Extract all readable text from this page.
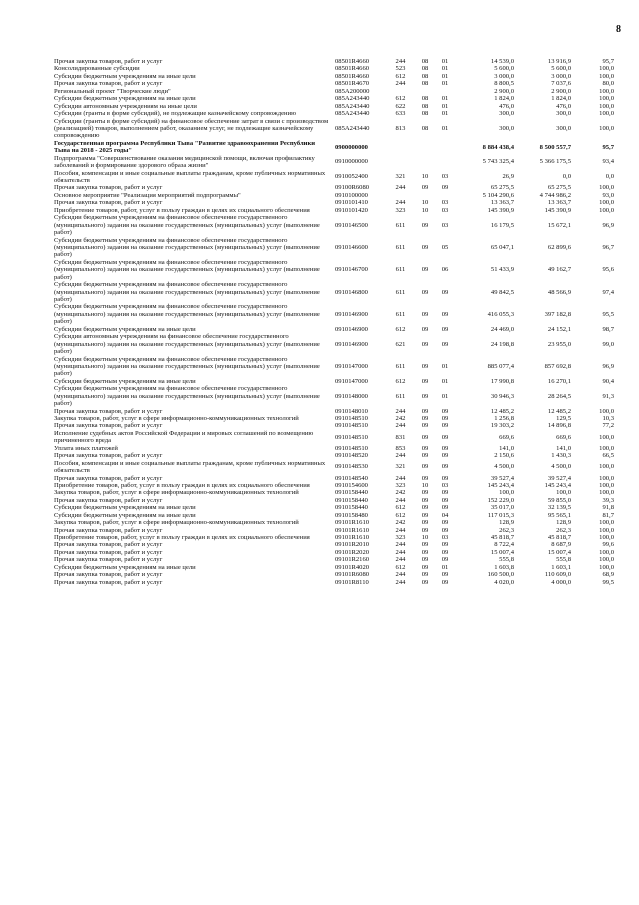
8
Прочая закупка товаров, работ и услуг	08501R4660	244	08	01	14 539,0	13 916,9	95,7
Консолидированные субсидии	08501R4660	523	08	01	5 600,0	5 600,0	100,0
Субсидии бюджетным учреждениям на иные цели	08501R4660	612	08	01	3 000,0	3 000,0	100,0
Прочая закупка товаров, работ и услуг	08501R4670	244	08	01	8 800,5	7 037,6	80,0
Региональный проект "Творческие люди"	085A200000				2 900,0	2 900,0	100,0
Субсидии бюджетным учреждениям на иные цели	085A243440	612	08	01	1 824,0	1 824,0	100,0
Субсидии автономным учреждениям на иные цели	085A243440	622	08	01	476,0	476,0	100,0
Субсидии (гранты в форме субсидий), не подлежащие казначейскому сопровождению	085A243440	633	08	01	300,0	300,0	100,0
Субсидии (гранты в форме субсидий) на финансовое обеспечение затрат в связи с производством (реализацией) товаров, выполнением работ, оказанием услуг, не подлежащие казначейскому сопровождению	085A243440	813	08	01	300,0	300,0	100,0
Государственная программа Республики Тыва "Развитие здравоохранения Республики Тыва на 2018 - 2025 годы"	0900000000				8 884 438,4	8 500 557,7	95,7
Подпрограмма "Совершенствование оказания медицинской помощи, включая профилактику заболеваний и формирование здорового образа жизни"	0910000000				5 743 325,4	5 366 175,5	93,4
Пособия, компенсации и иные социальные выплаты гражданам, кроме публичных нормативных обязательств	0910052400	321	10	03	26,9	0,0	0,0
Прочая закупка товаров, работ и услуг	09100R6080	244	09	09	65 275,5	65 275,5	100,0
Основное мероприятие "Реализация мероприятий подпрограммы"	0910100000				5 104 290,6	4 744 986,2	93,0
Прочая закупка товаров, работ и услуг	0910101410	244	10	03	13 363,7	13 363,7	100,0
Приобретение товаров, работ, услуг в пользу граждан в целях их социального обеспечения	0910101420	323	10	03	145 390,9	145 390,9	100,0
Субсидии бюджетным учреждениям на финансовое обеспечение государственного (муниципального) задания на оказание государственных (муниципальных) услуг (выполнение работ)	0910146500	611	09	03	16 179,5	15 672,1	96,9
Субсидии бюджетным учреждениям на финансовое обеспечение государственного (муниципального) задания на оказание государственных (муниципальных) услуг (выполнение работ)	0910146600	611	09	05	65 047,1	62 899,6	96,7
Субсидии бюджетным учреждениям на финансовое обеспечение государственного (муниципального) задания на оказание государственных (муниципальных) услуг (выполнение работ)	0910146700	611	09	06	51 433,9	49 162,7	95,6
Субсидии бюджетным учреждениям на финансовое обеспечение государственного (муниципального) задания на оказание государственных (муниципальных) услуг (выполнение работ)	0910146800	611	09	09	49 842,5	48 566,9	97,4
Субсидии бюджетным учреждениям на финансовое обеспечение государственного (муниципального) задания на оказание государственных (муниципальных) услуг (выполнение работ)	0910146900	611	09	09	416 055,3	397 182,8	95,5
Субсидии бюджетным учреждениям на иные цели	0910146900	612	09	09	24 469,0	24 152,1	98,7
Субсидии автономным учреждениям на финансовое обеспечение государственного (муниципального) задания на оказание государственных (муниципальных) услуг (выполнение работ)	0910146900	621	09	09	24 198,8	23 955,0	99,0
Субсидии бюджетным учреждениям на финансовое обеспечение государственного (муниципального) задания на оказание государственных (муниципальных) услуг (выполнение работ)	0910147000	611	09	01	885 077,4	857 692,8	96,9
Субсидии бюджетным учреждениям на иные цели	0910147000	612	09	01	17 990,8	16 270,1	90,4
Субсидии бюджетным учреждениям на финансовое обеспечение государственного (муниципального) задания на оказание государственных (муниципальных) услуг (выполнение работ)	0910148000	611	09	01	30 946,3	28 264,5	91,3
Прочая закупка товаров, работ и услуг	0910148010	244	09	09	12 485,2	12 485,2	100,0
Закупка товаров, работ, услуг в сфере информационно-коммуникационных технологий	0910148510	242	09	09	1 256,8	129,5	10,3
Прочая закупка товаров, работ и услуг	0910148510	244	09	09	19 303,2	14 896,8	77,2
Исполнение судебных актов Российской Федерации и мировых соглашений по возмещению причиненного вреда	0910148510	831	09	09	669,6	669,6	100,0
Уплата иных платежей	0910148510	853	09	09	141,0	141,0	100,0
Прочая закупка товаров, работ и услуг	0910148520	244	09	09	2 150,6	1 430,3	66,5
Пособия, компенсации и иные социальные выплаты гражданам, кроме публичных нормативных обязательств	0910148530	321	09	09	4 500,0	4 500,0	100,0
Прочая закупка товаров, работ и услуг	0910148540	244	09	09	39 527,4	39 527,4	100,0
Приобретение товаров, работ, услуг в пользу граждан в целях их социального обеспечения	0910154600	323	10	03	145 243,4	145 243,4	100,0
Закупка товаров, работ, услуг в сфере информационно-коммуникационных технологий	0910158440	242	09	09	100,0	100,0	100,0
Прочая закупка товаров, работ и услуг	0910158440	244	09	09	152 229,0	59 855,0	39,3
Субсидии бюджетным учреждениям на иные цели	0910158440	612	09	09	35 017,0	32 139,5	91,8
Субсидии бюджетным учреждениям на иные цели	0910158480	612	09	04	117 015,3	95 565,1	81,7
Закупка товаров, работ, услуг в сфере информационно-коммуникационных технологий	09101R1610	242	09	09	128,9	128,9	100,0
Прочая закупка товаров, работ и услуг	09101R1610	244	09	09	262,3	262,3	100,0
Приобретение товаров, работ, услуг в пользу граждан в целях их социального обеспечения	09101R1610	323	10	03	45 818,7	45 818,7	100,0
Прочая закупка товаров, работ и услуг	09101R2010	244	09	09	8 722,4	8 687,9	99,6
Прочая закупка товаров, работ и услуг	09101R2020	244	09	09	15 007,4	15 007,4	100,0
Прочая закупка товаров, работ и услуг	09101R2160	244	09	09	555,8	555,8	100,0
Субсидии бюджетным учреждениям на иные цели	09101R4020	612	09	01	1 603,8	1 603,1	100,0
Прочая закупка товаров, работ и услуг	09101R6080	244	09	09	160 500,0	110 609,0	68,9
Прочая закупка товаров, работ и услуг	09101R8110	244	09	09	4 020,0	4 000,0	99,5
